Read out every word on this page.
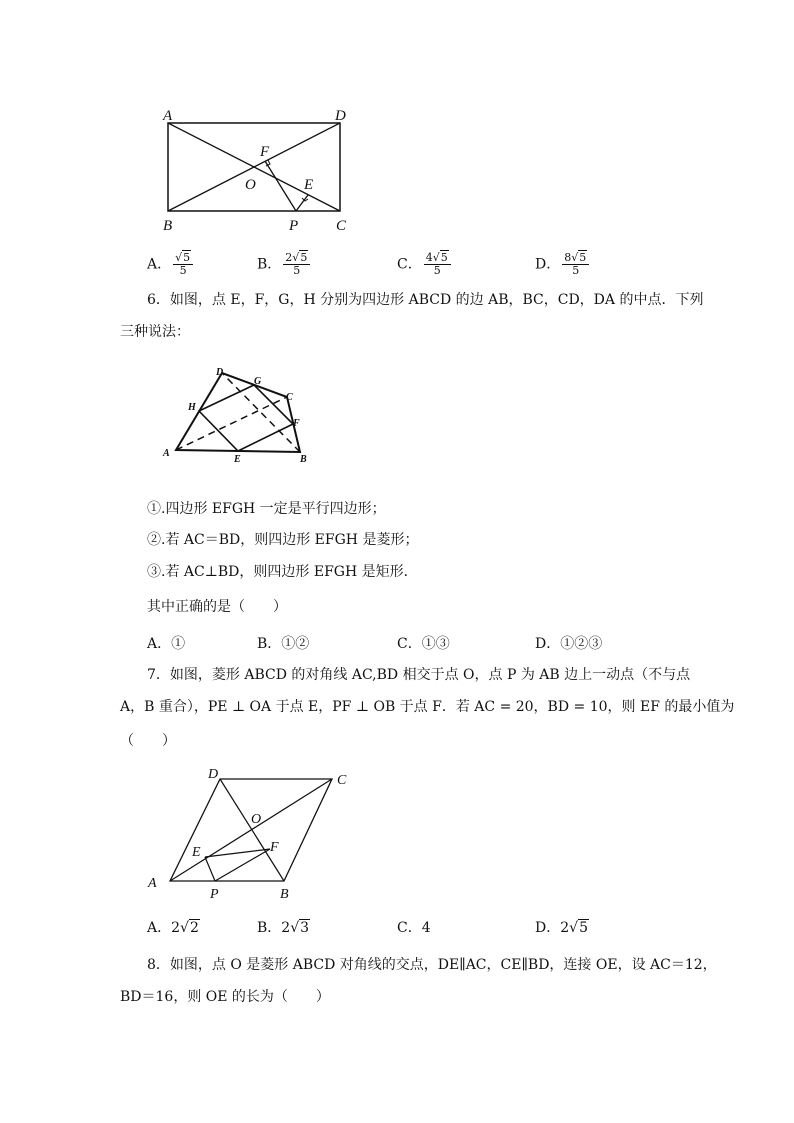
A	D
B	C
F
O	E
P
A． $\frac{√5}{5}$	B． $\frac{2√5}{5}$	C． $\frac{4√5}{5}$	D． $\frac{8√5}{5}$
6．如图，点 E，F，G，H 分别为四边形 ABCD 的边 AB，BC，CD，DA 的中点．下列
三种说法：
D
G
C
H
F
A
E	B
①.四边形 EFGH 一定是平行四边形；
②.若 AC＝BD，则四边形 EFGH 是菱形；
③.若 AC⊥BD，则四边形 EFGH 是矩形．
其中正确的是（　　）
A．①	B．①②	C．①③	D．①②③
7．如图，菱形 ABCD 的对角线 AC,BD 相交于点 O，点 P 为 AB 边上一动点（不与点
A，B 重合），PE ⊥ OA 于点 E，PF ⊥ OB 于点 F．若 AC = 20，BD = 10，则 EF 的最小值为
（　　）
D	C
O
E	F
A
P	B
A．2√2	B．2√3	C．4	D．2√5
8．如图，点 O 是菱形 ABCD 对角线的交点，DE∥AC，CE∥BD，连接 OE，设 AC＝12，
BD＝16，则 OE 的长为（　　）
